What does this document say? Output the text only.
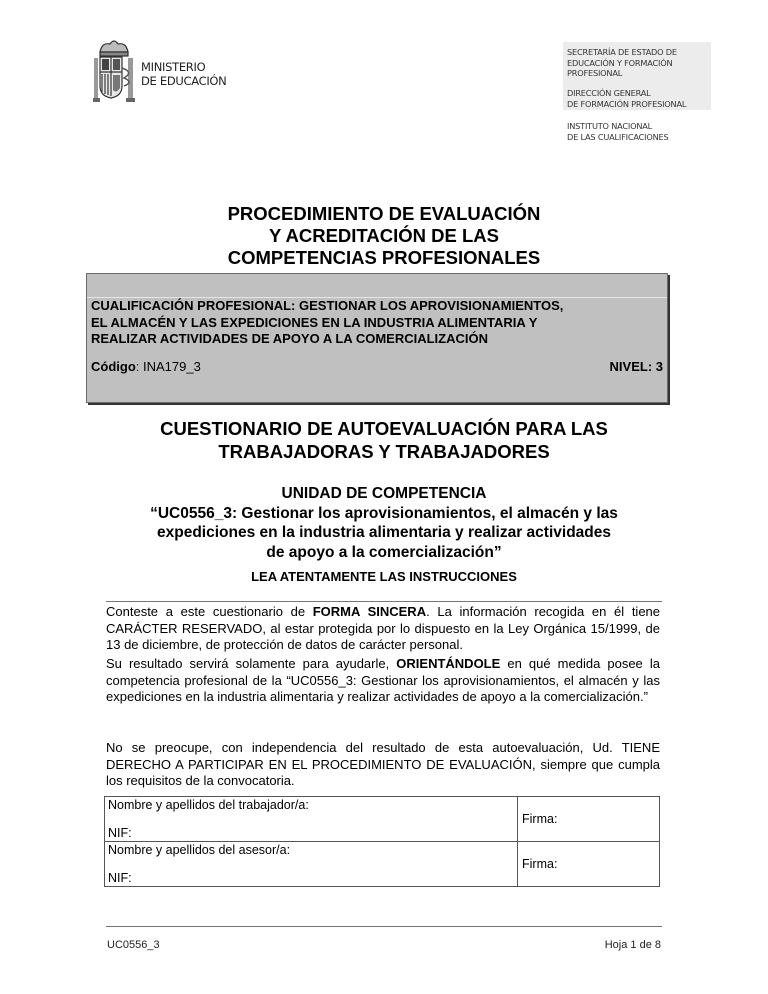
MINISTERIO
DE EDUCACIÓN
SECRETARÍA DE ESTADO DE
EDUCACIÓN Y FORMACIÓN
PROFESIONAL
DIRECCIÓN GENERAL
DE FORMACIÓN PROFESIONAL
INSTITUTO NACIONAL
DE LAS CUALIFICACIONES
PROCEDIMIENTO DE EVALUACIÓN
Y ACREDITACIÓN DE LAS
COMPETENCIAS PROFESIONALES
CUALIFICACIÓN PROFESIONAL: GESTIONAR LOS APROVISIONAMIENTOS,
EL ALMACÉN Y LAS EXPEDICIONES EN LA INDUSTRIA ALIMENTARIA Y
REALIZAR ACTIVIDADES DE APOYO A LA COMERCIALIZACIÓN
Código: INA179_3	NIVEL: 3
CUESTIONARIO DE AUTOEVALUACIÓN PARA LAS
TRABAJADORAS Y TRABAJADORES
UNIDAD DE COMPETENCIA
“UC0556_3: Gestionar los aprovisionamientos, el almacén y las
expediciones en la industria alimentaria y realizar actividades
de apoyo a la comercialización”
LEA ATENTAMENTE LAS INSTRUCCIONES
Conteste a este cuestionario de FORMA SINCERA. La información recogida en él tiene CARÁCTER RESERVADO, al estar protegida por lo dispuesto en la Ley Orgánica 15/1999, de 13 de diciembre, de protección de datos de carácter personal.
Su resultado servirá solamente para ayudarle, ORIENTÁNDOLE en qué medida posee la competencia profesional de la “UC0556_3: Gestionar los aprovisionamientos, el almacén y las expediciones en la industria alimentaria y realizar actividades de apoyo a la comercialización.”
No se preocupe, con independencia del resultado de esta autoevaluación, Ud. TIENE DERECHO A PARTICIPAR EN EL PROCEDIMIENTO DE EVALUACIÓN, siempre que cumpla los requisitos de la convocatoria.
Nombre y apellidos del trabajador/a:
NIF:	Firma:

Nombre y apellidos del asesor/a:
NIF:	Firma:
UC0556_3	Hoja 1 de 8
